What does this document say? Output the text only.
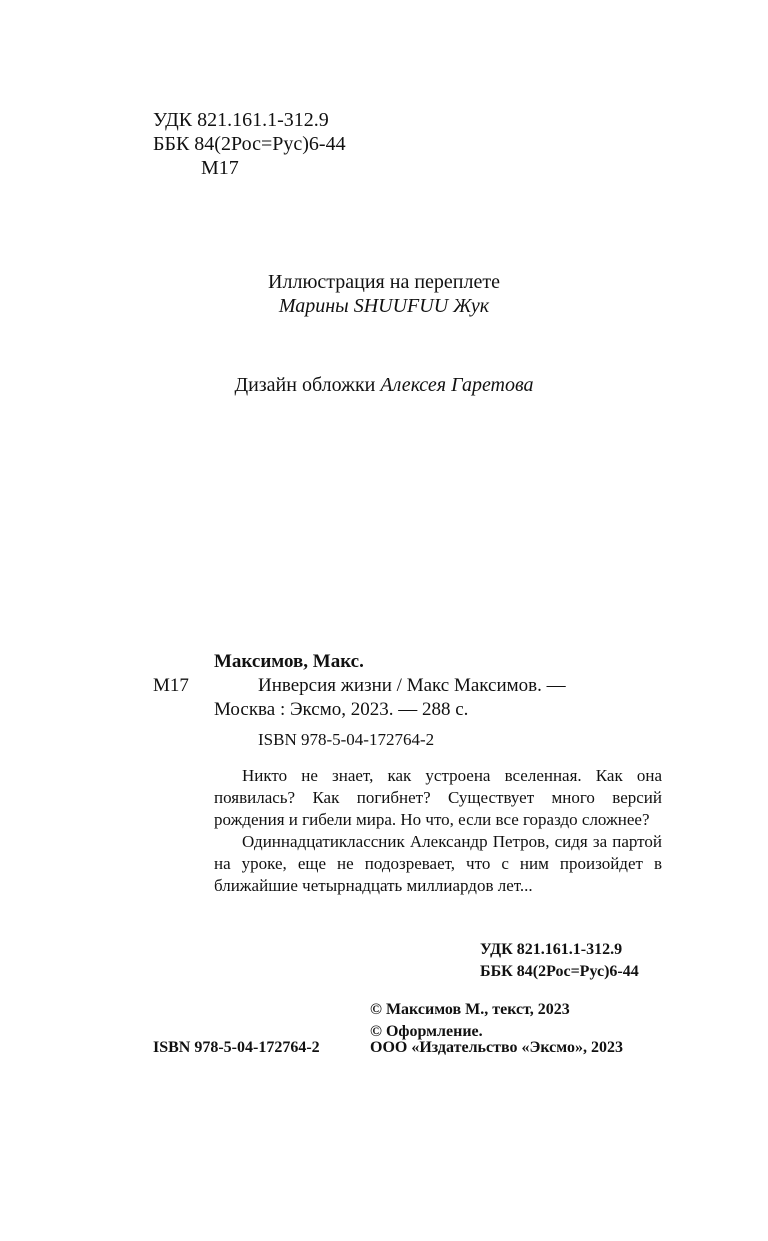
УДК 821.161.1-312.9
ББК 84(2Рос=Рус)6-44
М17
Иллюстрация на переплете
Марины SHUUFUU Жук
Дизайн обложки Алексея Гаретова
Максимов, Макс.
М17	Инверсия жизни / Макс Максимов. —
Москва : Эксмо, 2023. — 288 с.
ISBN 978-5-04-172764-2

Никто не знает, как устроена вселенная. Как она появилась? Как погибнет? Существует много версий рождения и гибели мира. Но что, если все гораздо сложнее?

Одиннадцатиклассник Александр Петров, сидя за партой на уроке, еще не подозревает, что с ним произойдет в ближайшие четырнадцать миллиардов лет...

УДК 821.161.1-312.9
ББК 84(2Рос=Рус)6-44
© Максимов М., текст, 2023
© Оформление.
ООО «Издательство «Эксмо», 2023
ISBN 978-5-04-172764-2
